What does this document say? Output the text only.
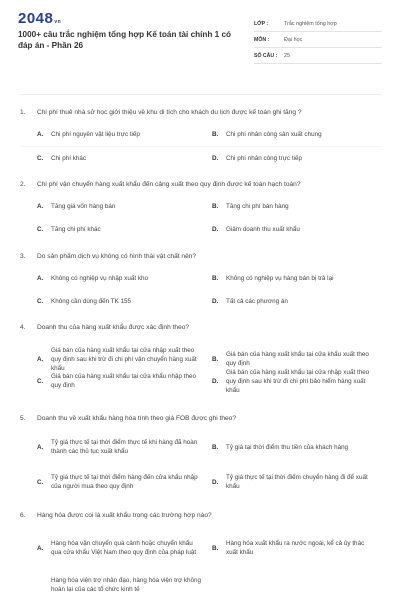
2048vn
1000+ câu trắc nghiệm tổng hợp Kế toán tài chính 1 có đáp án - Phần 26
LỚP :	Trắc nghiệm tổng hợp
MÔN :	Đại học
SỐ CÂU :	25
1. Chi phí thuê nhà sử học giới thiệu về khu di tích cho khách du lịch được kế toán ghi tăng ?
A.	Chi phí nguyên vật liệu trực tiếp	B.	Chi phí nhân công sản xuất chung
C.	Chi phí khác	D.	Chi phí nhân công trực tiếp
2. Chi phí vận chuyển hàng xuất khẩu đến cảng xuất theo quy định được kế toán hạch toán?
A.	Tăng giá vốn hàng bán	B.	Tăng chi phí bán hàng
C.	Tăng chi phí khác	D.	Giảm doanh thu xuất khẩu
3. Do sản phẩm dịch vụ không có hình thái vật chất nên?
A.	Không có nghiệp vụ nhập xuất kho	B.	Không có nghiệp vụ hàng bán bị trả lại
C.	Không cần dùng đến TK 155	D.	Tất cả các phương án
4. Doanh thu của hàng xuất khẩu được xác định theo?
A.
Giá bán của hàng xuất khẩu tại cửa nhập xuất theo quy định sau khi trừ đi chi phí vận chuyển hàng xuất khẩu
B.
Giá bán của hàng xuất khẩu tại cửa khẩu xuất theo quy định
C.
Giá bán của hàng xuất khẩu tại cửa khẩu nhập theo quy định
D.
Giá bán của hàng xuất khẩu tại cửa nhập xuất theo quy định sau khi trừ đi chi phí bảo hiểm hàng xuất khẩu
5. Doanh thu về xuất khẩu hàng hóa tính theo giá FOB được ghi theo?
A.
Tỷ giá thực tế tại thời điểm thực tế khi hàng đã hoàn thành các thủ tục xuất khẩu
B.	Tỷ giá tại thời điểm thu tiền của khách hàng
C.
Tỷ giá thực tế tại thời điểm hàng đến cửa khẩu nhập của người mua theo quy định
D.
Tỷ giá thực tế tại thời điểm chuyển hàng đi để xuất khẩu
6. Hàng hóa được coi là xuất khẩu trong các trường hợp nào?
A.
Hàng hóa vận chuyển quá cảnh hoặc chuyển khẩu qua cửa khẩu Việt Nam theo quy định của pháp luật
B.
Hàng hóa xuất khẩu ra nước ngoài, kể cả ủy thác xuất khẩu
Hàng hóa viện trợ nhân đạo, hàng hóa viện trợ không hoàn lại của các tổ chức kinh tế
